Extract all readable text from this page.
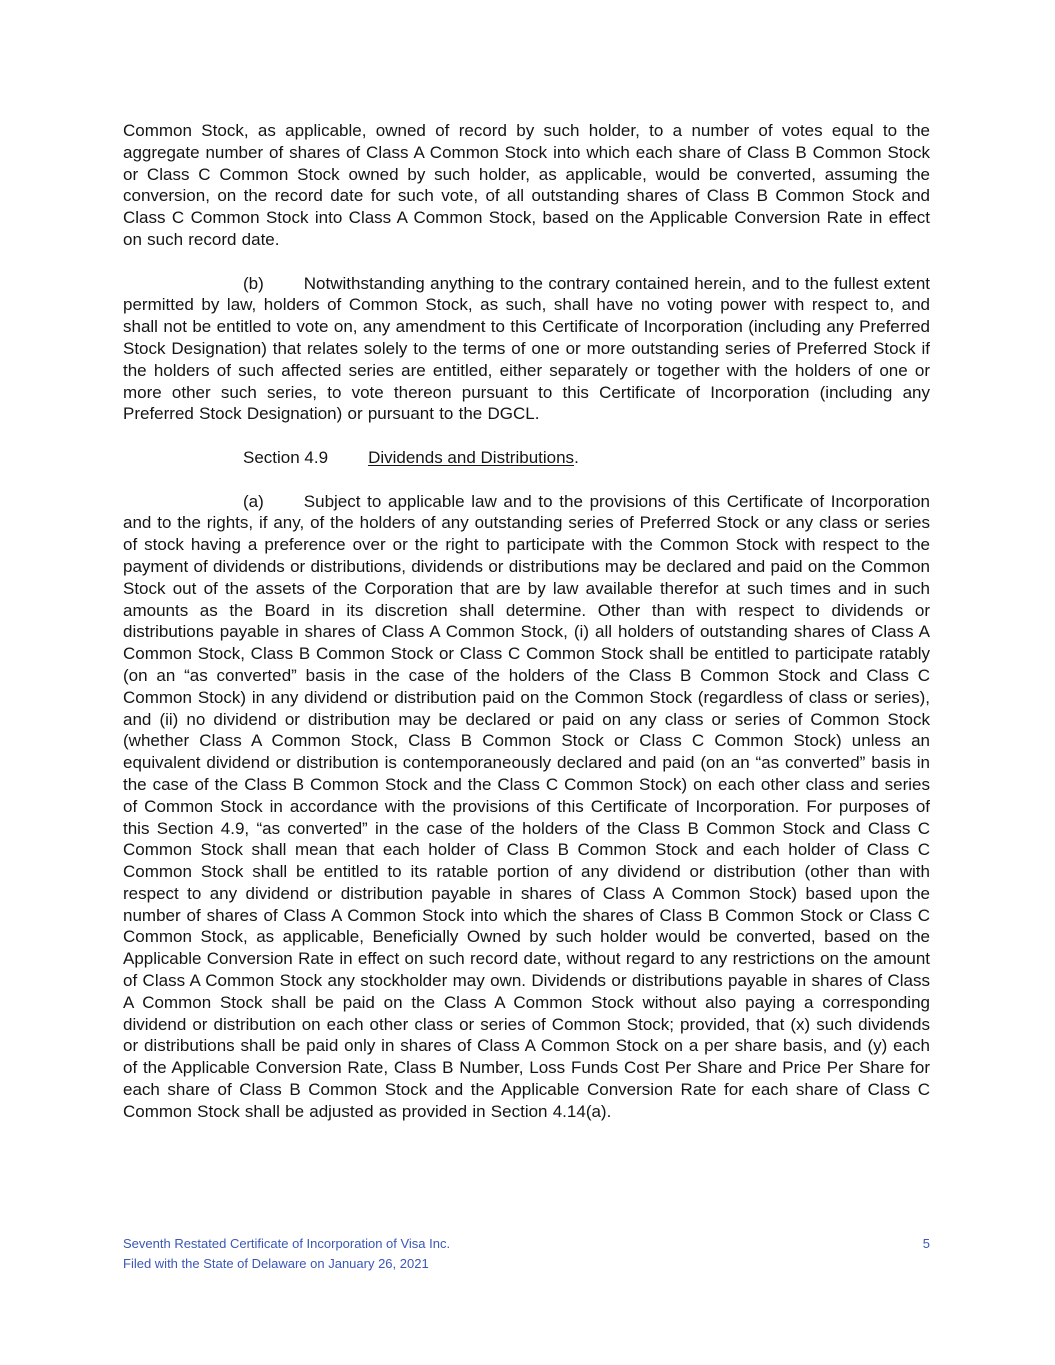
Common Stock, as applicable, owned of record by such holder, to a number of votes equal to the aggregate number of shares of Class A Common Stock into which each share of Class B Common Stock or Class C Common Stock owned by such holder, as applicable, would be converted, assuming the conversion, on the record date for such vote, of all outstanding shares of Class B Common Stock and Class C Common Stock into Class A Common Stock, based on the Applicable Conversion Rate in effect on such record date.

(b) Notwithstanding anything to the contrary contained herein, and to the fullest extent permitted by law, holders of Common Stock, as such, shall have no voting power with respect to, and shall not be entitled to vote on, any amendment to this Certificate of Incorporation (including any Preferred Stock Designation) that relates solely to the terms of one or more outstanding series of Preferred Stock if the holders of such affected series are entitled, either separately or together with the holders of one or more other such series, to vote thereon pursuant to this Certificate of Incorporation (including any Preferred Stock Designation) or pursuant to the DGCL.

Section 4.9 Dividends and Distributions.

(a) Subject to applicable law and to the provisions of this Certificate of Incorporation and to the rights, if any, of the holders of any outstanding series of Preferred Stock or any class or series of stock having a preference over or the right to participate with the Common Stock with respect to the payment of dividends or distributions, dividends or distributions may be declared and paid on the Common Stock out of the assets of the Corporation that are by law available therefor at such times and in such amounts as the Board in its discretion shall determine. Other than with respect to dividends or distributions payable in shares of Class A Common Stock, (i) all holders of outstanding shares of Class A Common Stock, Class B Common Stock or Class C Common Stock shall be entitled to participate ratably (on an “as converted” basis in the case of the holders of the Class B Common Stock and Class C Common Stock) in any dividend or distribution paid on the Common Stock (regardless of class or series), and (ii) no dividend or distribution may be declared or paid on any class or series of Common Stock (whether Class A Common Stock, Class B Common Stock or Class C Common Stock) unless an equivalent dividend or distribution is contemporaneously declared and paid (on an “as converted” basis in the case of the Class B Common Stock and the Class C Common Stock) on each other class and series of Common Stock in accordance with the provisions of this Certificate of Incorporation. For purposes of this Section 4.9, “as converted” in the case of the holders of the Class B Common Stock and Class C Common Stock shall mean that each holder of Class B Common Stock and each holder of Class C Common Stock shall be entitled to its ratable portion of any dividend or distribution (other than with respect to any dividend or distribution payable in shares of Class A Common Stock) based upon the number of shares of Class A Common Stock into which the shares of Class B Common Stock or Class C Common Stock, as applicable, Beneficially Owned by such holder would be converted, based on the Applicable Conversion Rate in effect on such record date, without regard to any restrictions on the amount of Class A Common Stock any stockholder may own. Dividends or distributions payable in shares of Class A Common Stock shall be paid on the Class A Common Stock without also paying a corresponding dividend or distribution on each other class or series of Common Stock; provided, that (x) such dividends or distributions shall be paid only in shares of Class A Common Stock on a per share basis, and (y) each of the Applicable Conversion Rate, Class B Number, Loss Funds Cost Per Share and Price Per Share for each share of Class B Common Stock and the Applicable Conversion Rate for each share of Class C Common Stock shall be adjusted as provided in Section 4.14(a).

Seventh Restated Certificate of Incorporation of Visa Inc.
Filed with the State of Delaware on January 26, 2021
5
